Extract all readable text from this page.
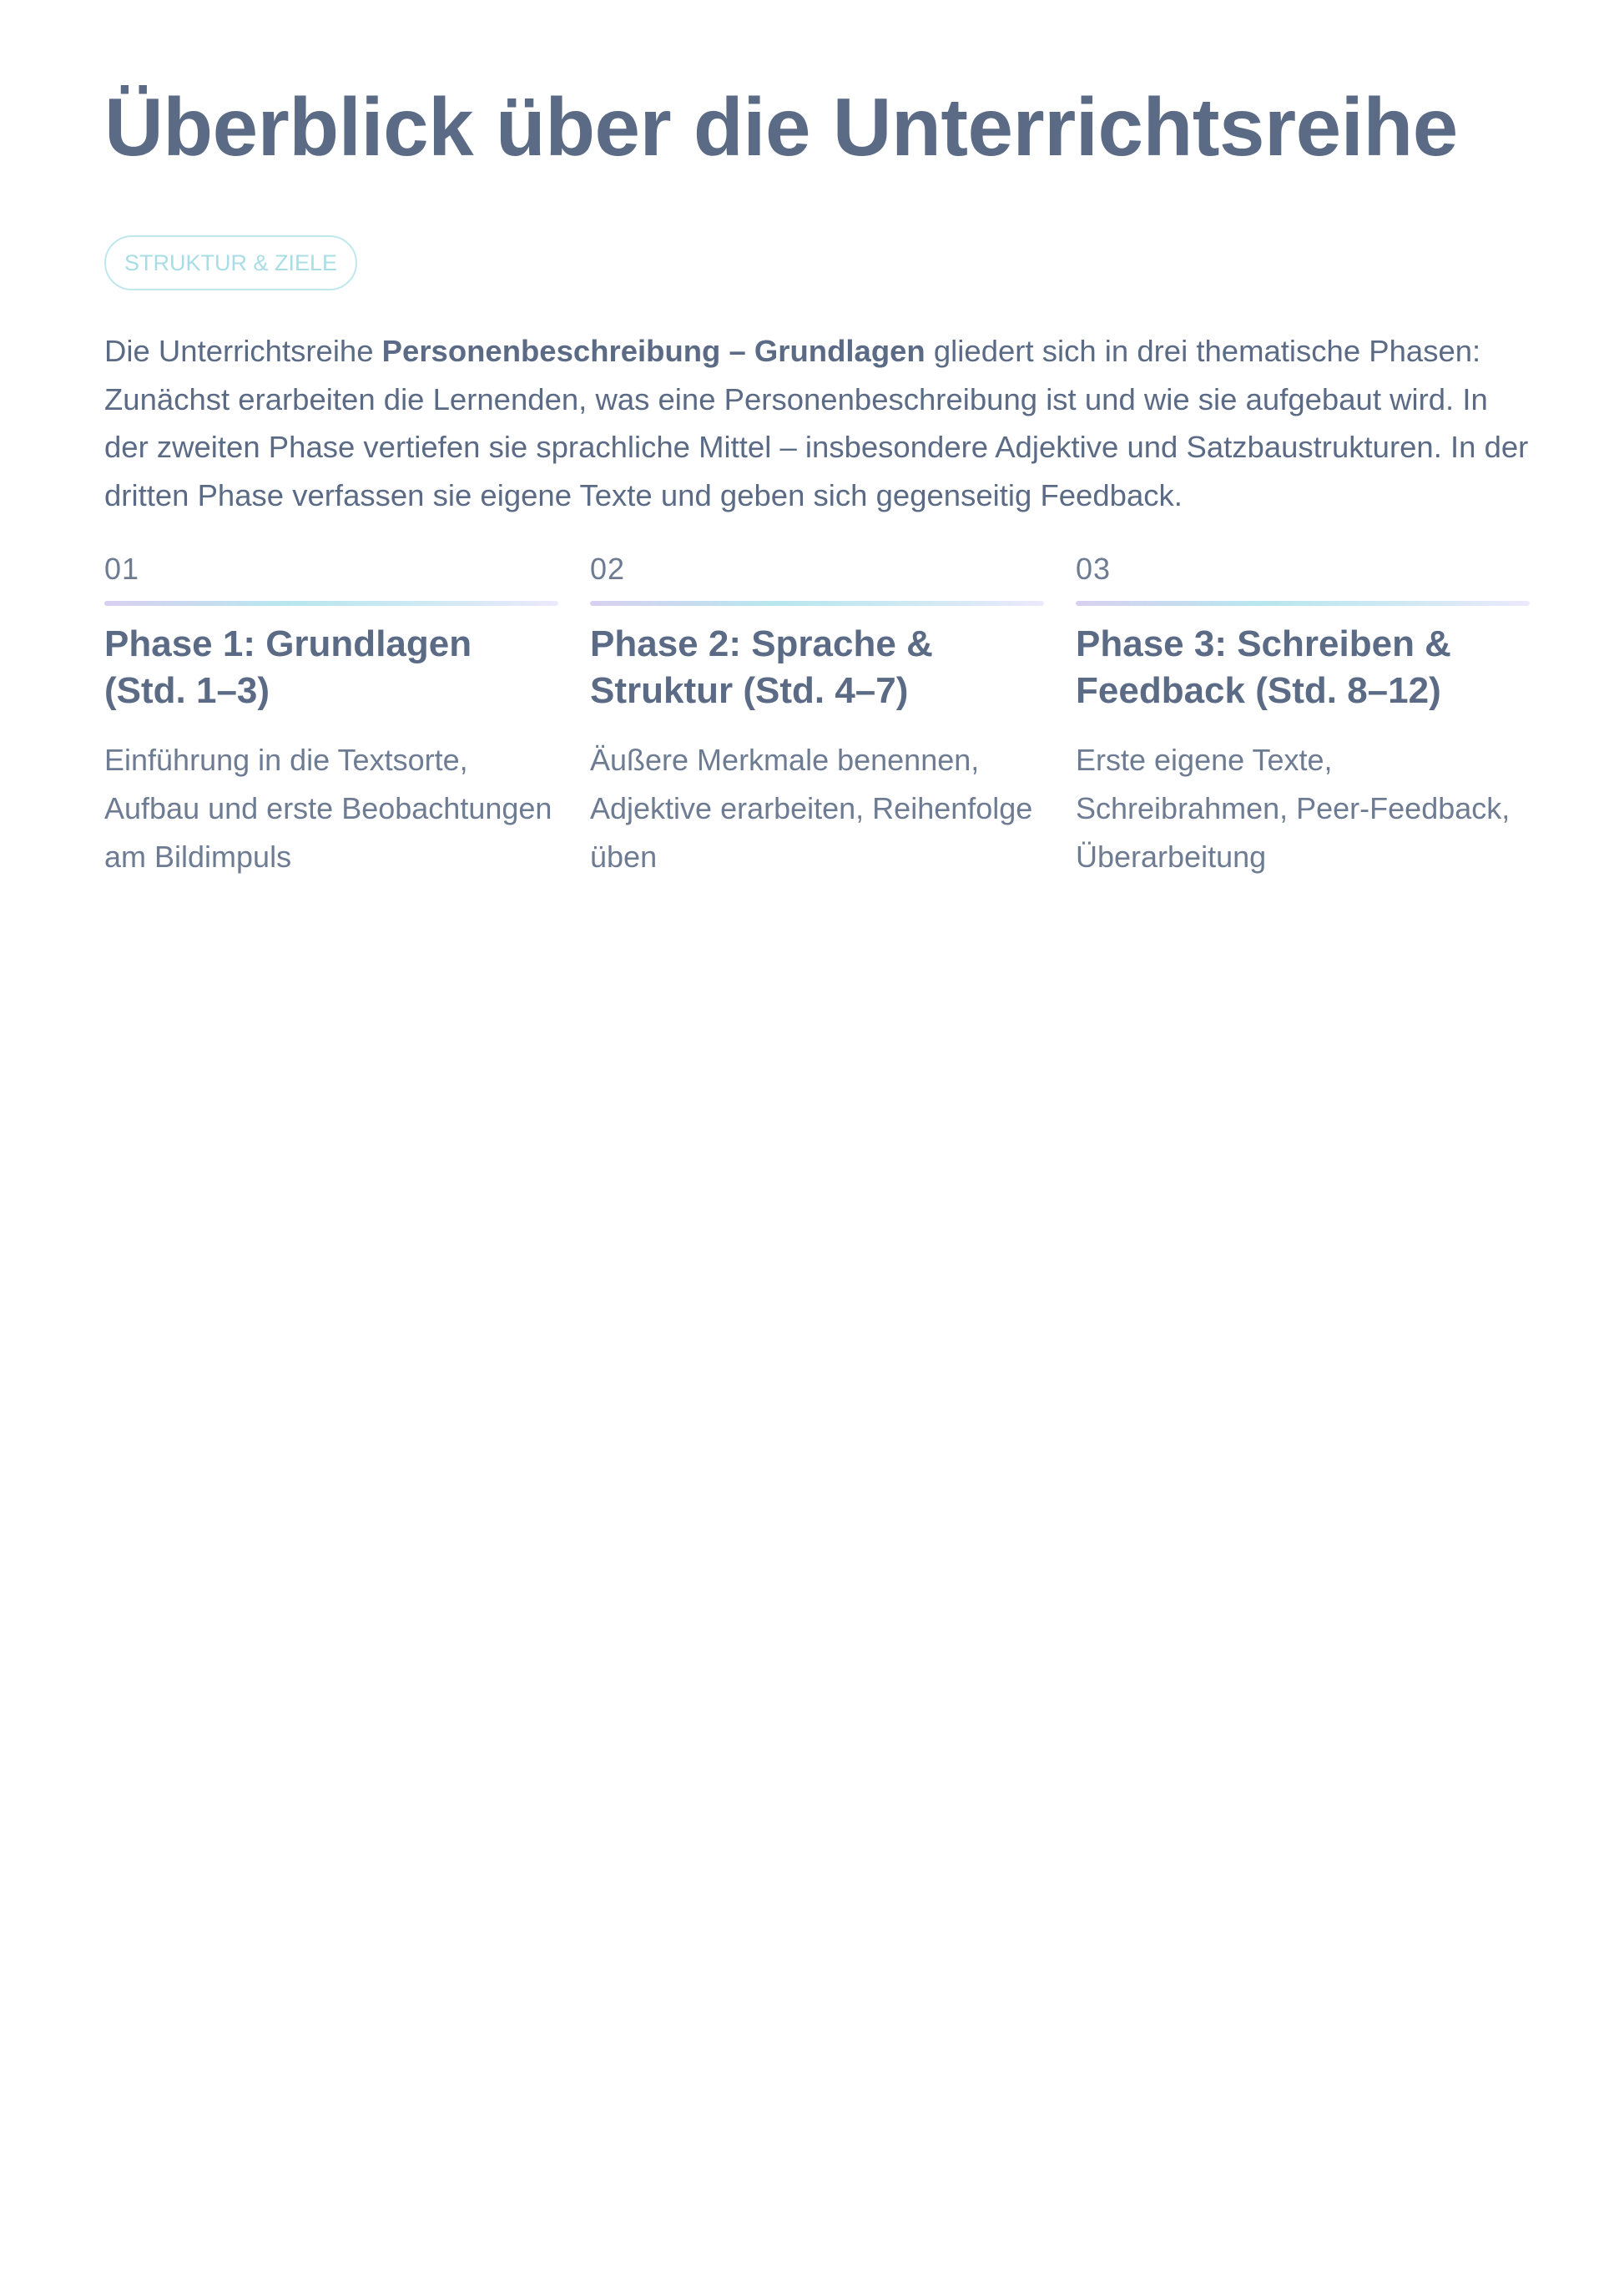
Überblick über die Unterrichtsreihe
STRUKTUR & ZIELE

Die Unterrichtsreihe Personenbeschreibung – Grundlagen gliedert sich in drei thematische Phasen: Zunächst erarbeiten die Lernenden, was eine Personenbeschreibung ist und wie sie aufgebaut wird. In der zweiten Phase vertiefen sie sprachliche Mittel – insbesondere Adjektive und Satzbaustrukturen. In der dritten Phase verfassen sie eigene Texte und geben sich gegenseitig Feedback.

01
Phase 1: Grundlagen (Std. 1–3)

Einführung in die Textsorte, Aufbau und erste Beobachtungen am Bildimpuls

02
Phase 2: Sprache & Struktur (Std. 4–7)

Äußere Merkmale benennen, Adjektive erarbeiten, Reihenfolge üben

03
Phase 3: Schreiben & Feedback (Std. 8–12)

Erste eigene Texte, Schreibrahmen, Peer-Feedback, Überarbeitung
